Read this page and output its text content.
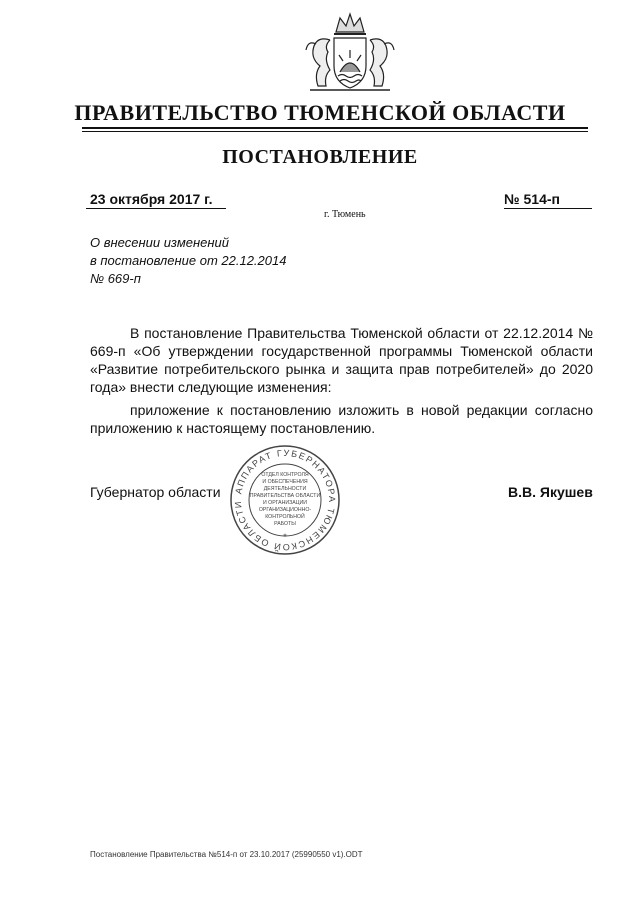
ПРАВИТЕЛЬСТВО ТЮМЕНСКОЙ ОБЛАСТИ
ПОСТАНОВЛЕНИЕ
23 октября 2017 г.	№ 514-п
г. Тюмень
О внесении изменений
в постановление от 22.12.2014
№ 669-п
В постановление Правительства Тюменской области от 22.12.2014 № 669-п «Об утверждении государственной программы Тюменской области «Развитие потребительского рынка и защита прав потребителей» до 2020 года» внести следующие изменения:
приложение к постановлению изложить в новой редакции согласно приложению к настоящему постановлению.
Губернатор области	В.В. Якушев
АППАРАТ ГУБЕРНАТОРА ТЮМЕНСКОЙ ОБЛАСТИ
*
ОТДЕЛ КОНТРОЛЯ
И ОБЕСПЕЧЕНИЯ
ДЕЯТЕЛЬНОСТИ
ПРАВИТЕЛЬСТВА ОБЛАСТИ
И ОРГАНИЗАЦИИ
ОРГАНИЗАЦИОННО-
КОНТРОЛЬНОЙ
РАБОТЫ
Постановление Правительства №514-п от 23.10.2017 (25990550 v1).ODT
